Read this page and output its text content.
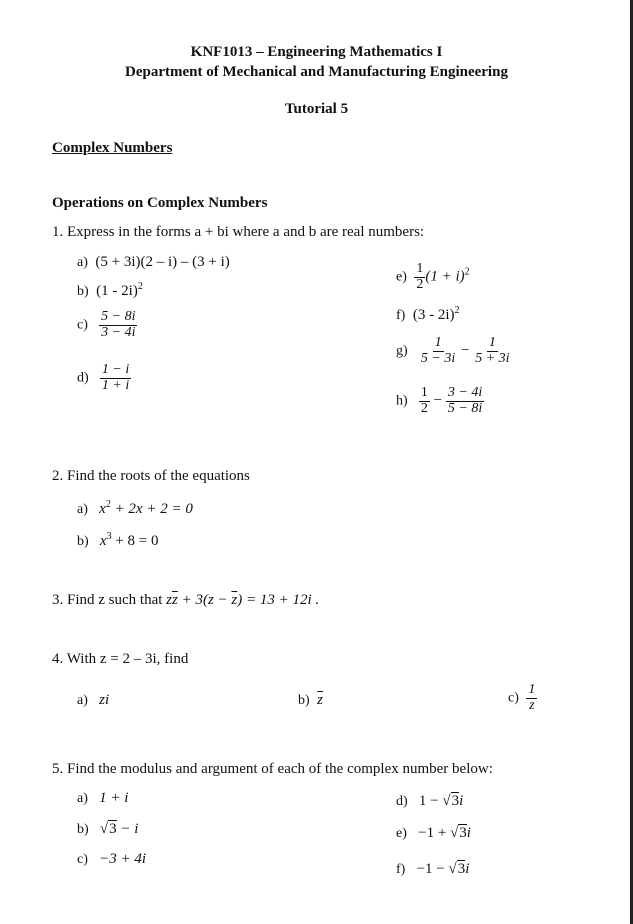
KNF1013 – Engineering Mathematics I
Department of Mechanical and Manufacturing Engineering
Tutorial 5
Complex Numbers
Operations on Complex Numbers
1. Express in the forms a + bi where a and b are real numbers:
a) (5 + 3i)(2 – i) – (3 + i)
b) (1 - 2i)$^2$
$c) \frac{5 - 8i}{3 - 4i}$
$d) \frac{1 - i}{1 + i}$
$e) \frac{1}{2} (1 + i)^2$
f) (3 - 2i)$^2$
$g) \frac{1}{5 - 3i} - \frac{1}{5 + 3i}$
$h) \frac{1}{2} - \frac{3 - 4i}{5 - 8i}$
2. Find the roots of the equations
a) $x^2 + 2x + 2 = 0$
b) $x^3 + 8 = 0$
3. Find z such that $z\overline{z} + 3(z - \overline{z}) = 13 + 12i$ .
4. With z = 2 – 3i, find
a) zi	b) $\overline{z}$	$c) \frac{1}{z}$
5. Find the modulus and argument of each of the complex number below:
a) 1 + i
b) √3 − i
c) −3 + 4i
d) 1 − √3i
e) −1 + √3i
f) −1 − √3i
